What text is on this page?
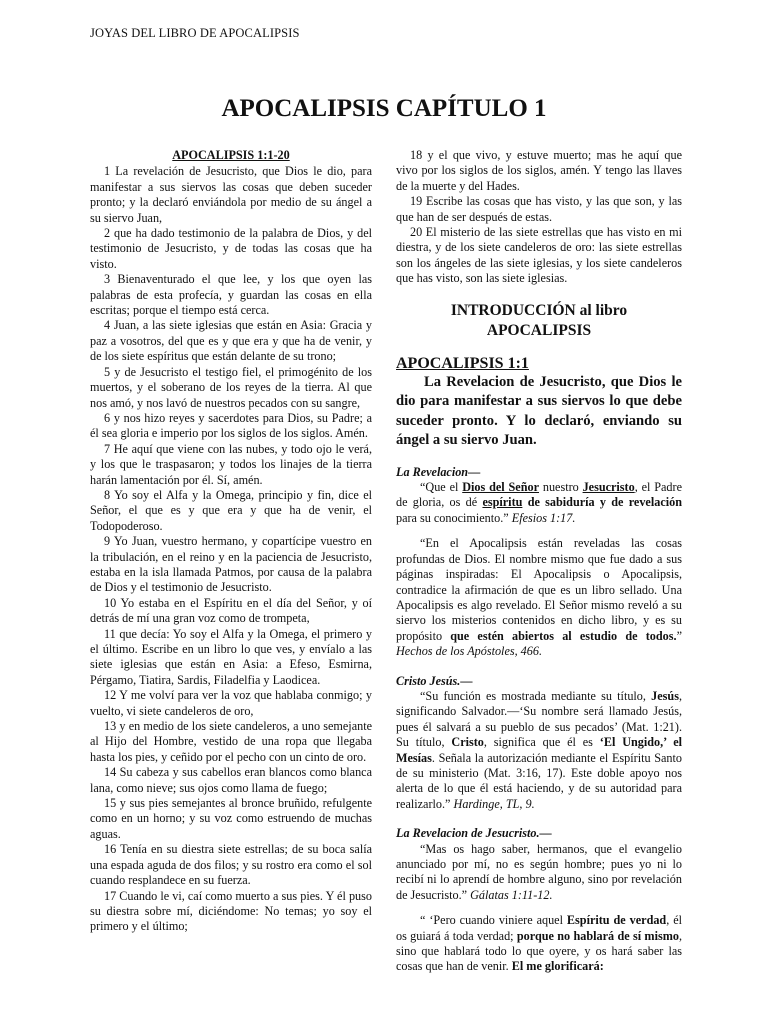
JOYAS DEL LIBRO DE APOCALIPSIS
APOCALIPSIS CAPÍTULO 1
APOCALIPSIS 1:1-20
1 La revelación de Jesucristo, que Dios le dio, para manifestar a sus siervos las cosas que deben suceder pronto; y la declaró enviándola por medio de su ángel a su siervo Juan,
2 que ha dado testimonio de la palabra de Dios, y del testimonio de Jesucristo, y de todas las cosas que ha visto.
3 Bienaventurado el que lee, y los que oyen las palabras de esta profecía, y guardan las cosas en ella escritas; porque el tiempo está cerca.
4 Juan, a las siete iglesias que están en Asia: Gracia y paz a vosotros, del que es y que era y que ha de venir, y de los siete espíritus que están delante de su trono;
5 y de Jesucristo el testigo fiel, el primogénito de los muertos, y el soberano de los reyes de la tierra. Al que nos amó, y nos lavó de nuestros pecados con su sangre,
6 y nos hizo reyes y sacerdotes para Dios, su Padre; a él sea gloria e imperio por los siglos de los siglos. Amén.
7 He aquí que viene con las nubes, y todo ojo le verá, y los que le traspasaron; y todos los linajes de la tierra harán lamentación por él. Sí, amén.
8 Yo soy el Alfa y la Omega, principio y fin, dice el Señor, el que es y que era y que ha de venir, el Todopoderoso.
9 Yo Juan, vuestro hermano, y copartícipe vuestro en la tribulación, en el reino y en la paciencia de Jesucristo, estaba en la isla llamada Patmos, por causa de la palabra de Dios y el testimonio de Jesucristo.
10 Yo estaba en el Espíritu en el día del Señor, y oí detrás de mí una gran voz como de trompeta,
11 que decía: Yo soy el Alfa y la Omega, el primero y el último. Escribe en un libro lo que ves, y envíalo a las siete iglesias que están en Asia: a Efeso, Esmirna, Pérgamo, Tiatira, Sardis, Filadelfia y Laodicea.
12 Y me volví para ver la voz que hablaba conmigo; y vuelto, vi siete candeleros de oro,
13 y en medio de los siete candeleros, a uno semejante al Hijo del Hombre, vestido de una ropa que llegaba hasta los pies, y ceñido por el pecho con un cinto de oro.
14 Su cabeza y sus cabellos eran blancos como blanca lana, como nieve; sus ojos como llama de fuego;
15 y sus pies semejantes al bronce bruñido, refulgente como en un horno; y su voz como estruendo de muchas aguas.
16 Tenía en su diestra siete estrellas; de su boca salía una espada aguda de dos filos; y su rostro era como el sol cuando resplandece en su fuerza.
17 Cuando le vi, caí como muerto a sus pies. Y él puso su diestra sobre mí, diciéndome: No temas; yo soy el primero y el último;
18 y el que vivo, y estuve muerto; mas he aquí que vivo por los siglos de los siglos, amén. Y tengo las llaves de la muerte y del Hades.
19 Escribe las cosas que has visto, y las que son, y las que han de ser después de estas.
20 El misterio de las siete estrellas que has visto en mi diestra, y de los siete candeleros de oro: las siete estrellas son los ángeles de las siete iglesias, y los siete candeleros que has visto, son las siete iglesias.
INTRODUCCIÓN al libro
APOCALIPSIS
APOCALIPSIS 1:1
La Revelacion de Jesucristo, que Dios le dio para manifestar a sus siervos lo que debe suceder pronto. Y lo declaró, enviando su ángel a su siervo Juan.
La Revelacion—
“Que el Dios del Señor nuestro Jesucristo, el Padre de gloria, os dé espíritu de sabiduría y de revelación para su conocimiento.” Efesios 1:17.
“En el Apocalipsis están reveladas las cosas profundas de Dios. El nombre mismo que fue dado a sus páginas inspiradas: El Apocalipsis o Apocalipsis, contradice la afirmación de que es un libro sellado. Una Apocalipsis es algo revelado. El Señor mismo reveló a su siervo los misterios contenidos en dicho libro, y es su propósito que estén abiertos al estudio de todos.” Hechos de los Apóstoles, 466.
Cristo Jesús.—
“Su función es mostrada mediante su título, Jesús, significando Salvador.—‘Su nombre será llamado Jesús, pues él salvará a su pueblo de sus pecados’ (Mat. 1:21). Su título, Cristo, significa que él es ‘El Ungido,’ el Mesías. Señala la autorización mediante el Espíritu Santo de su ministerio (Mat. 3:16, 17). Este doble apoyo nos alerta de lo que él está haciendo, y de su autoridad para realizarlo.” Hardinge, TL, 9.
La Revelacion de Jesucristo.—
“Mas os hago saber, hermanos, que el evangelio anunciado por mí, no es según hombre; pues yo ni lo recibí ni lo aprendí de hombre alguno, sino por revelación de Jesucristo.” Gálatas 1:11-12.
“ ‘Pero cuando viniere aquel Espíritu de verdad, él os guiará á toda verdad; porque no hablará de sí mismo, sino que hablará todo lo que oyere, y os hará saber las cosas que han de venir. El me glorificará:
